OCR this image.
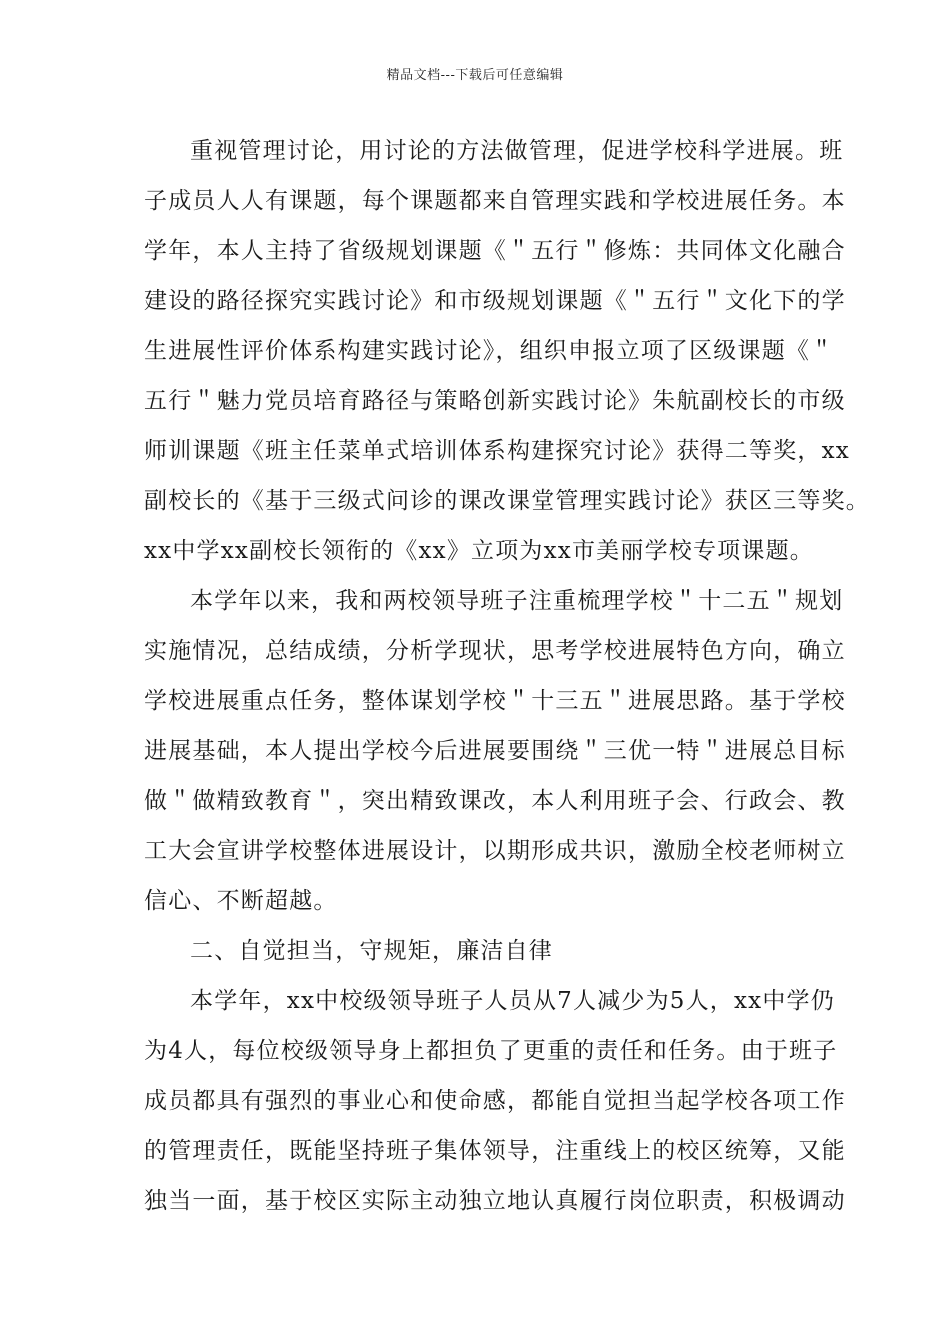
精品文档---下载后可任意编辑
重视管理讨论，用讨论的方法做管理，促进学校科学进展。班
子成员人人有课题，每个课题都来自管理实践和学校进展任务。本
学年，本人主持了省级规划课题《＂五行＂修炼：共同体文化融合
建设的路径探究实践讨论》和市级规划课题《＂五行＂文化下的学
生进展性评价体系构建实践讨论》，组织申报立项了区级课题《＂
五行＂魅力党员培育路径与策略创新实践讨论》朱航副校长的市级
师训课题《班主任菜单式培训体系构建探究讨论》获得二等奖，xx
副校长的《基于三级式问诊的课改课堂管理实践讨论》获区三等奖。
xx中学xx副校长领衔的《xx》立项为xx市美丽学校专项课题。
本学年以来，我和两校领导班子注重梳理学校＂十二五＂规划
实施情况，总结成绩，分析学现状，思考学校进展特色方向，确立
学校进展重点任务，整体谋划学校＂十三五＂进展思路。基于学校
进展基础，本人提出学校今后进展要围绕＂三优一特＂进展总目标
做＂做精致教育＂，突出精致课改，本人利用班子会、行政会、教
工大会宣讲学校整体进展设计，以期形成共识，激励全校老师树立
信心、不断超越。
二、自觉担当，守规矩，廉洁自律
本学年，xx中校级领导班子人员从7人减少为5人，xx中学仍
为4人，每位校级领导身上都担负了更重的责任和任务。由于班子
成员都具有强烈的事业心和使命感，都能自觉担当起学校各项工作
的管理责任，既能坚持班子集体领导，注重线上的校区统筹，又能
独当一面，基于校区实际主动独立地认真履行岗位职责，积极调动
